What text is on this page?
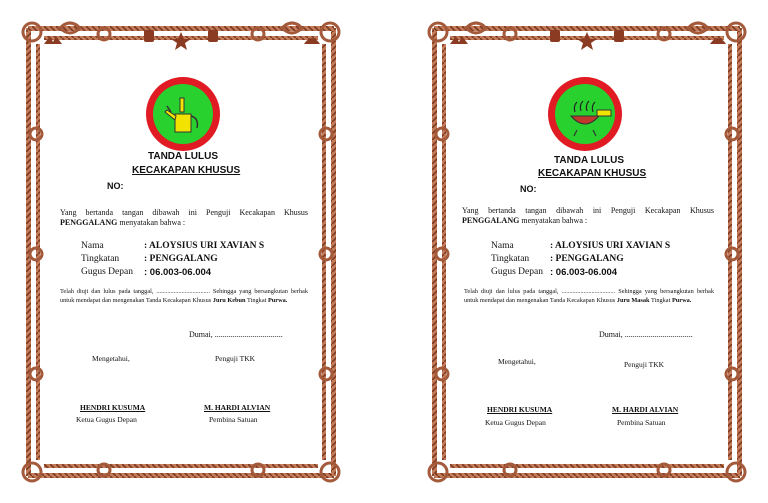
TANDA LULUS
KECAKAPAN KHUSUS
NO:
Yang bertanda tangan dibawah ini Penguji Kecakapan Khusus PENGGALANG menyatakan bahwa :
Nama	: ALOYSIUS URI XAVIAN S
Tingkatan	: PENGGALANG
Gugus Depan : 06.003-06.004
Telah diuji dan lulus pada tanggal, .................................. Sehingga yang bersangkutan berhak untuk mendapat dan mengenakan Tanda Kecakapan Khusus Juru Kebun Tingkat Purwa.
Dumai, ..................................
Mengetahui,	Penguji TKK
HENDRI KUSUMA
Ketua Gugus Depan
M. HARDI ALVIAN
Pembina Satuan
TANDA LULUS
KECAKAPAN KHUSUS
NO:
Yang bertanda tangan dibawah ini Penguji Kecakapan Khusus PENGGALANG menyatakan bahwa :
Nama	: ALOYSIUS URI XAVIAN S
Tingkatan : PENGGALANG
Gugus Depan : 06.003-06.004
Telah diuji dan lulus pada tanggal, .................................. Sehingga yang bersangkutan berhak untuk mendapat dan mengenakan Tanda Kecakapan Khusus Juru Masak Tingkat Purwa.
Dumai, ..................................
Mengetahui,	Penguji TKK
HENDRI KUSUMA
Ketua Gugus Depan
M. HARDI ALVIAN
Pembina Satuan
